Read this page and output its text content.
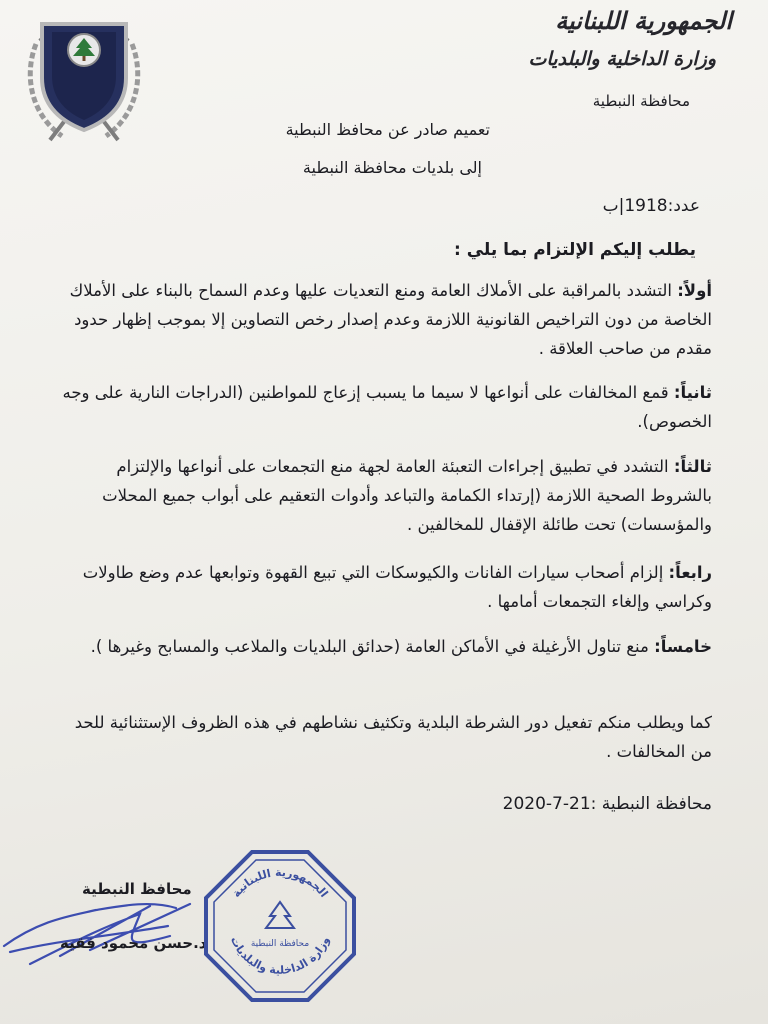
الجمهورية اللبنانية
وزارة الداخلية والبلديات
محافظة النبطية
تعميم صادر عن محافظ النبطية
إلى بلديات محافظة النبطية
عدد:1918|ب
يطلب إليكم الإلتزام بما يلي :
أولاً: التشدد بالمراقبة على الأملاك العامة ومنع التعديات عليها وعدم السماح بالبناء على الأملاك الخاصة من دون التراخيص القانونية اللازمة وعدم إصدار رخص التصاوين إلا بموجب إظهار حدود مقدم من صاحب العلاقة .
ثانياً: قمع المخالفات على أنواعها لا سيما ما يسبب إزعاج للمواطنين (الدراجات النارية على وجه الخصوص).
ثالثاً: التشدد في تطبيق إجراءات التعبئة العامة لجهة منع التجمعات على أنواعها والإلتزام بالشروط الصحية اللازمة (إرتداء الكمامة والتباعد وأدوات التعقيم على أبواب جميع المحلات والمؤسسات) تحت طائلة الإقفال للمخالفين .
رابعاً: إلزام أصحاب سيارات الفانات والكيوسكات التي تبيع القهوة وتوابعها عدم وضع طاولات وكراسي وإلغاء التجمعات أمامها .
خامساً: منع تناول الأرغيلة في الأماكن العامة (حدائق البلديات والملاعب والمسابح وغيرها ).
كما ويطلب منكم تفعيل دور الشرطة البلدية وتكثيف نشاطهم في هذه الظروف الإستثنائية للحد من المخالفات .
محافظة النبطية :21-7-2020
محافظ النبطية
د.حسن محمود فقيه
الجمهورية اللبنانية
وزارة الداخلية والبلديات
محافظة النبطية
